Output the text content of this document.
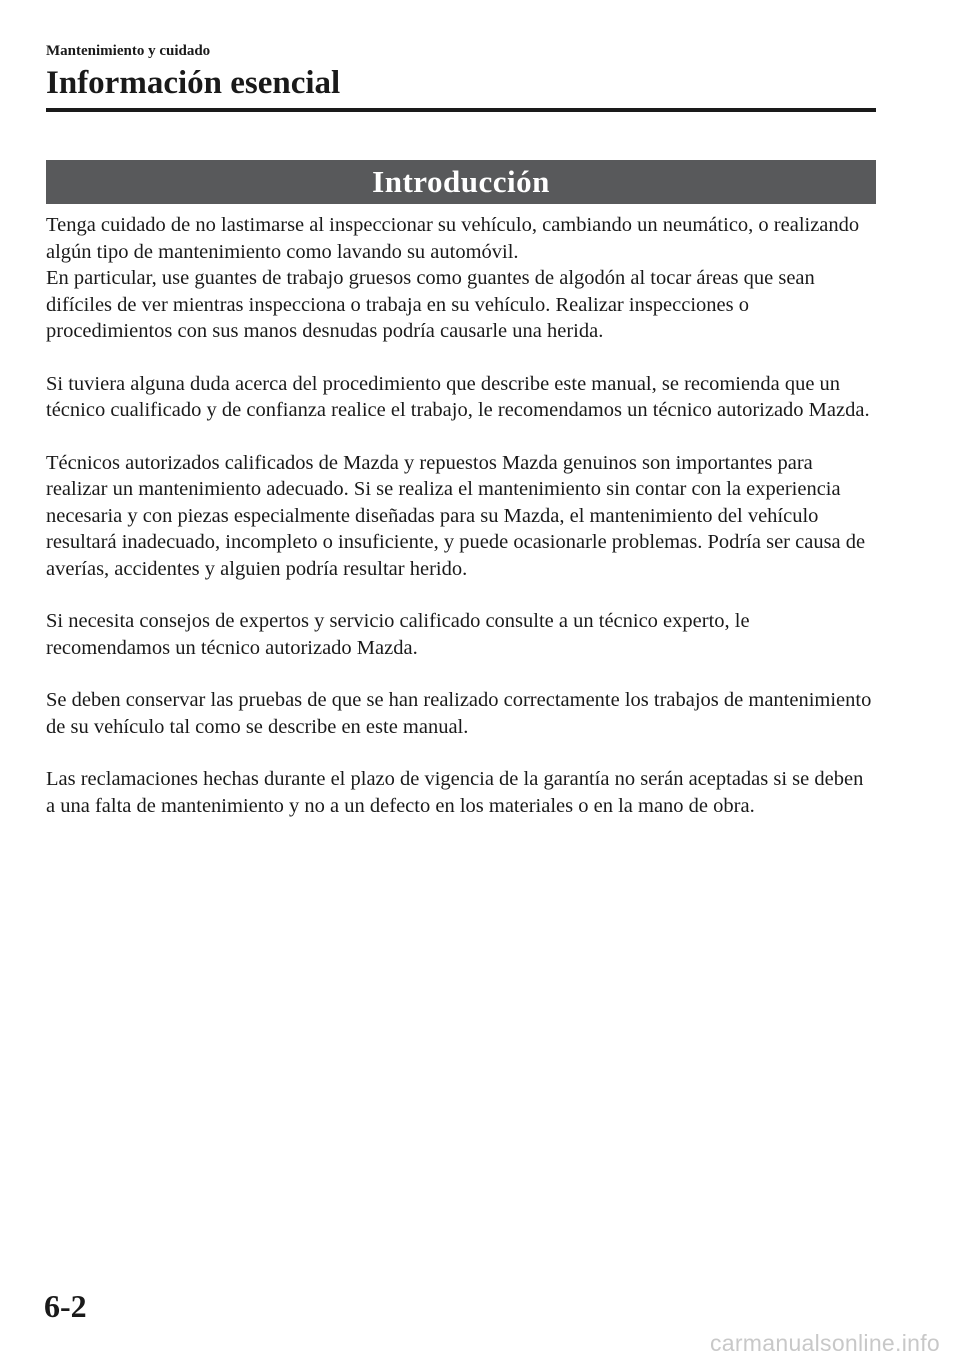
Mantenimiento y cuidado
Información esencial
Introducción

Tenga cuidado de no lastimarse al inspeccionar su vehículo, cambiando un neumático, o realizando algún tipo de mantenimiento como lavando su automóvil.

En particular, use guantes de trabajo gruesos como guantes de algodón al tocar áreas que sean difíciles de ver mientras inspecciona o trabaja en su vehículo. Realizar inspecciones o procedimientos con sus manos desnudas podría causarle una herida.

Si tuviera alguna duda acerca del procedimiento que describe este manual, se recomienda que un técnico cualificado y de confianza realice el trabajo, le recomendamos un técnico autorizado Mazda.

Técnicos autorizados calificados de Mazda y repuestos Mazda genuinos son importantes para realizar un mantenimiento adecuado. Si se realiza el mantenimiento sin contar con la experiencia necesaria y con piezas especialmente diseñadas para su Mazda, el mantenimiento del vehículo resultará inadecuado, incompleto o insuficiente, y puede ocasionarle problemas. Podría ser causa de averías, accidentes y alguien podría resultar herido.

Si necesita consejos de expertos y servicio calificado consulte a un técnico experto, le recomendamos un técnico autorizado Mazda.

Se deben conservar las pruebas de que se han realizado correctamente los trabajos de mantenimiento de su vehículo tal como se describe en este manual.

Las reclamaciones hechas durante el plazo de vigencia de la garantía no serán aceptadas si se deben a una falta de mantenimiento y no a un defecto en los materiales o en la mano de obra.

6-2
carmanualsonline.info
